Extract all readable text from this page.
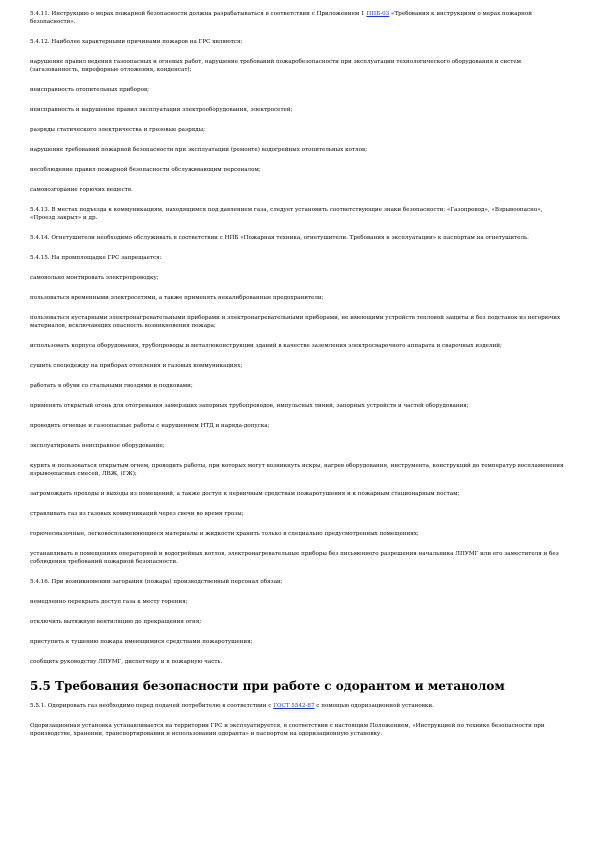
5.4.11. Инструкцию о мерах пожарной безопасности должна разрабатываться в соответствии с Приложением 1 ППБ-03 «Требования к инструкциям о мерах пожарной безопасности».

5.4.12. Наиболее характерными причинами пожаров на ГРС являются:

нарушение правил ведения газоопасных и огневых работ, нарушение требований пожаробезопасности при эксплуатации технологического оборудования и систем (загазованность, пирофорные отложения, конденсат);

неисправность отопительных приборов;

неисправность и нарушение правил эксплуатации электрооборудования, электросетей;

разряды статического электричества и грозовые разряды;

нарушение требований пожарной безопасности при эксплуатации (ремонте) водогрейных отопительных котлов;

несоблюдение правил пожарной безопасности обслуживающим персоналом;

самовозгорание горючих веществ.

5.4.13. В местах подъезда к коммуникациям, находящимся под давлением газа, следует установить соответствующие знаки безопасности: «Газопровод», «Взрывоопасно», «Проезд закрыт» и др.

5.4.14. Огнетушители необходимо обслуживать в соответствии с НПБ «Пожарная техника, огнетушители. Требования к эксплуатации» к паспортам на огнетушитель.

5.4.15. На промплощадке ГРС запрещается:

самовольно монтировать электропроводку;

пользоваться временными электросетями, а также применять некалиброванные предохранители;

пользоваться кустарными электронагревательными приборами и электронагревательными приборами, не имеющими устройств тепловой защиты и без подставок из негорючих материалов, исключающих опасность возникновения пожара;

использовать корпуса оборудования, трубопроводы и металлоконструкции зданий в качестве заземления электросварочного аппарата и сварочных изделий;

сушить спецодежду на приборах отопления и газовых коммуникациях;

работать в обуви со стальными гвоздями и подковами;

применять открытый огонь для отогревания замерзших запорных трубопроводов, импульсных линий, запорных устройств и частей оборудования;

проводить огневые и газоопасные работы с нарушением НТД и наряда-допуска;

эксплуатировать неисправное оборудование;

курить и пользоваться открытым огнем, проводить работы, при которых могут возникнуть искры, нагрев оборудования, инструмента, конструкций до температур воспламенения взрывоопасных смесей, ЛВЖ, (ГЖ);

загромождать проходы и выходы из помещений, а также доступ к первичным средствам пожаротушения и к пожарным стационарным постам;

стравливать газ из газовых коммуникаций через свечи во время грозы;

горючесмазочные, легковоспламеняющиеся материалы и жидкости хранить только в специально предусмотренных помещениях;

устанавливать в помещениях операторной и водогрейных котлов, электронагревательные приборы без письменного разрешения начальника ЛПУМГ или его заместителя и без соблюдения требований пожарной безопасности.

5.4.16. При возникновении загорания (пожара) производственный персонал обязан:

немедленно перекрыть доступ газа к месту горения;

отключить вытяжную вентиляцию до прекращения огня;

приступить к тушению пожара имеющимися средствами пожаротушения;

сообщить руководству ЛПУМГ, диспетчеру и в пожарную часть.

5.5 Требования безопасности при работе с одорантом и метанолом

5.5.1. Одорировать газ необходимо перед подачей потребителю в соответствии с ГОСТ 5542-87 с помощью одоризационной установки.

Одоризационная установка устанавливается на территории ГРС и эксплуатируется, в соответствии с настоящим Положением, «Инструкцией по технике безопасности при производстве, хранении, транспортировании и использовании одоранта» и паспортом на одоризационную установку.
